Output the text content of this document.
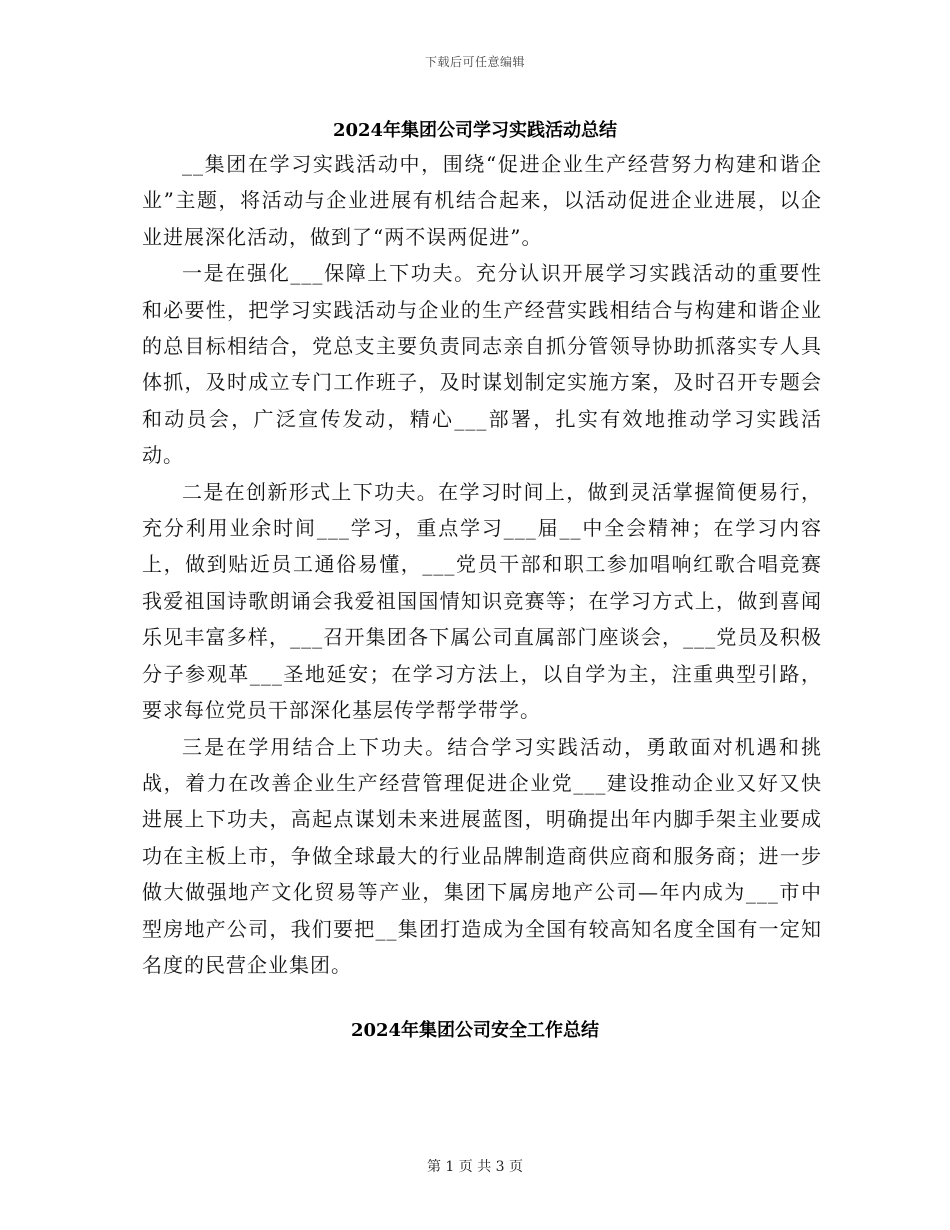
下载后可任意编辑
2024年集团公司学习实践活动总结

__集团在学习实践活动中，围绕“促进企业生产经营努力构建和谐企业”主题，将活动与企业进展有机结合起来，以活动促进企业进展，以企业进展深化活动，做到了“两不误两促进”。

一是在强化___保障上下功夫。充分认识开展学习实践活动的重要性和必要性，把学习实践活动与企业的生产经营实践相结合与构建和谐企业的总目标相结合，党总支主要负责同志亲自抓分管领导协助抓落实专人具体抓，及时成立专门工作班子，及时谋划制定实施方案，及时召开专题会和动员会，广泛宣传发动，精心___部署，扎实有效地推动学习实践活动。

二是在创新形式上下功夫。在学习时间上，做到灵活掌握简便易行，充分利用业余时间___学习，重点学习___届__中全会精神；在学习内容上，做到贴近员工通俗易懂，___党员干部和职工参加唱响红歌合唱竞赛我爱祖国诗歌朗诵会我爱祖国国情知识竞赛等；在学习方式上，做到喜闻乐见丰富多样，___召开集团各下属公司直属部门座谈会，___党员及积极分子参观革___圣地延安；在学习方法上，以自学为主，注重典型引路，要求每位党员干部深化基层传学帮学带学。

三是在学用结合上下功夫。结合学习实践活动，勇敢面对机遇和挑战，着力在改善企业生产经营管理促进企业党___建设推动企业又好又快进展上下功夫，高起点谋划未来进展蓝图，明确提出年内脚手架主业要成功在主板上市，争做全球最大的行业品牌制造商供应商和服务商；进一步做大做强地产文化贸易等产业，集团下属房地产公司—年内成为___市中型房地产公司，我们要把__集团打造成为全国有较高知名度全国有一定知名度的民营企业集团。

2024年集团公司安全工作总结
第 1 页 共 3 页
